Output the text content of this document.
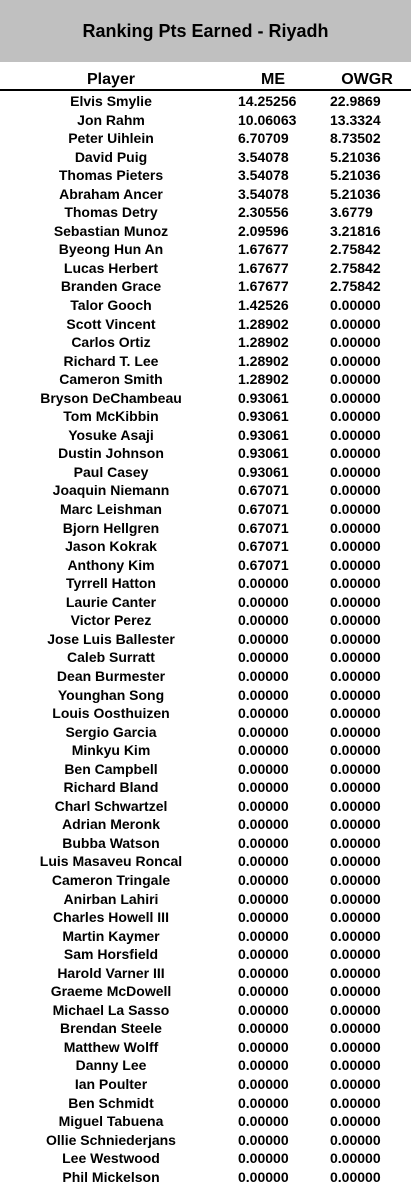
Ranking Pts Earned - Riyadh
Player	ME	OWGR
Elvis Smylie	14.25256	22.9869
Jon Rahm	10.06063	13.3324
Peter Uihlein	6.70709	8.73502
David Puig	3.54078	5.21036
Thomas Pieters	3.54078	5.21036
Abraham Ancer	3.54078	5.21036
Thomas Detry	2.30556	3.6779
Sebastian Munoz	2.09596	3.21816
Byeong Hun An	1.67677	2.75842
Lucas Herbert	1.67677	2.75842
Branden Grace	1.67677	2.75842
Talor Gooch	1.42526	0.00000
Scott Vincent	1.28902	0.00000
Carlos Ortiz	1.28902	0.00000
Richard T. Lee	1.28902	0.00000
Cameron Smith	1.28902	0.00000
Bryson DeChambeau	0.93061	0.00000
Tom McKibbin	0.93061	0.00000
Yosuke Asaji	0.93061	0.00000
Dustin Johnson	0.93061	0.00000
Paul Casey	0.93061	0.00000
Joaquin Niemann	0.67071	0.00000
Marc Leishman	0.67071	0.00000
Bjorn Hellgren	0.67071	0.00000
Jason Kokrak	0.67071	0.00000
Anthony Kim	0.67071	0.00000
Tyrrell Hatton	0.00000	0.00000
Laurie Canter	0.00000	0.00000
Victor Perez	0.00000	0.00000
Jose Luis Ballester	0.00000	0.00000
Caleb Surratt	0.00000	0.00000
Dean Burmester	0.00000	0.00000
Younghan Song	0.00000	0.00000
Louis Oosthuizen	0.00000	0.00000
Sergio Garcia	0.00000	0.00000
Minkyu Kim	0.00000	0.00000
Ben Campbell	0.00000	0.00000
Richard Bland	0.00000	0.00000
Charl Schwartzel	0.00000	0.00000
Adrian Meronk	0.00000	0.00000
Bubba Watson	0.00000	0.00000
Luis Masaveu Roncal	0.00000	0.00000
Cameron Tringale	0.00000	0.00000
Anirban Lahiri	0.00000	0.00000
Charles Howell III	0.00000	0.00000
Martin Kaymer	0.00000	0.00000
Sam Horsfield	0.00000	0.00000
Harold Varner III	0.00000	0.00000
Graeme McDowell	0.00000	0.00000
Michael La Sasso	0.00000	0.00000
Brendan Steele	0.00000	0.00000
Matthew Wolff	0.00000	0.00000
Danny Lee	0.00000	0.00000
Ian Poulter	0.00000	0.00000
Ben Schmidt	0.00000	0.00000
Miguel Tabuena	0.00000	0.00000
Ollie Schniederjans	0.00000	0.00000
Lee Westwood	0.00000	0.00000
Phil Mickelson	0.00000	0.00000
